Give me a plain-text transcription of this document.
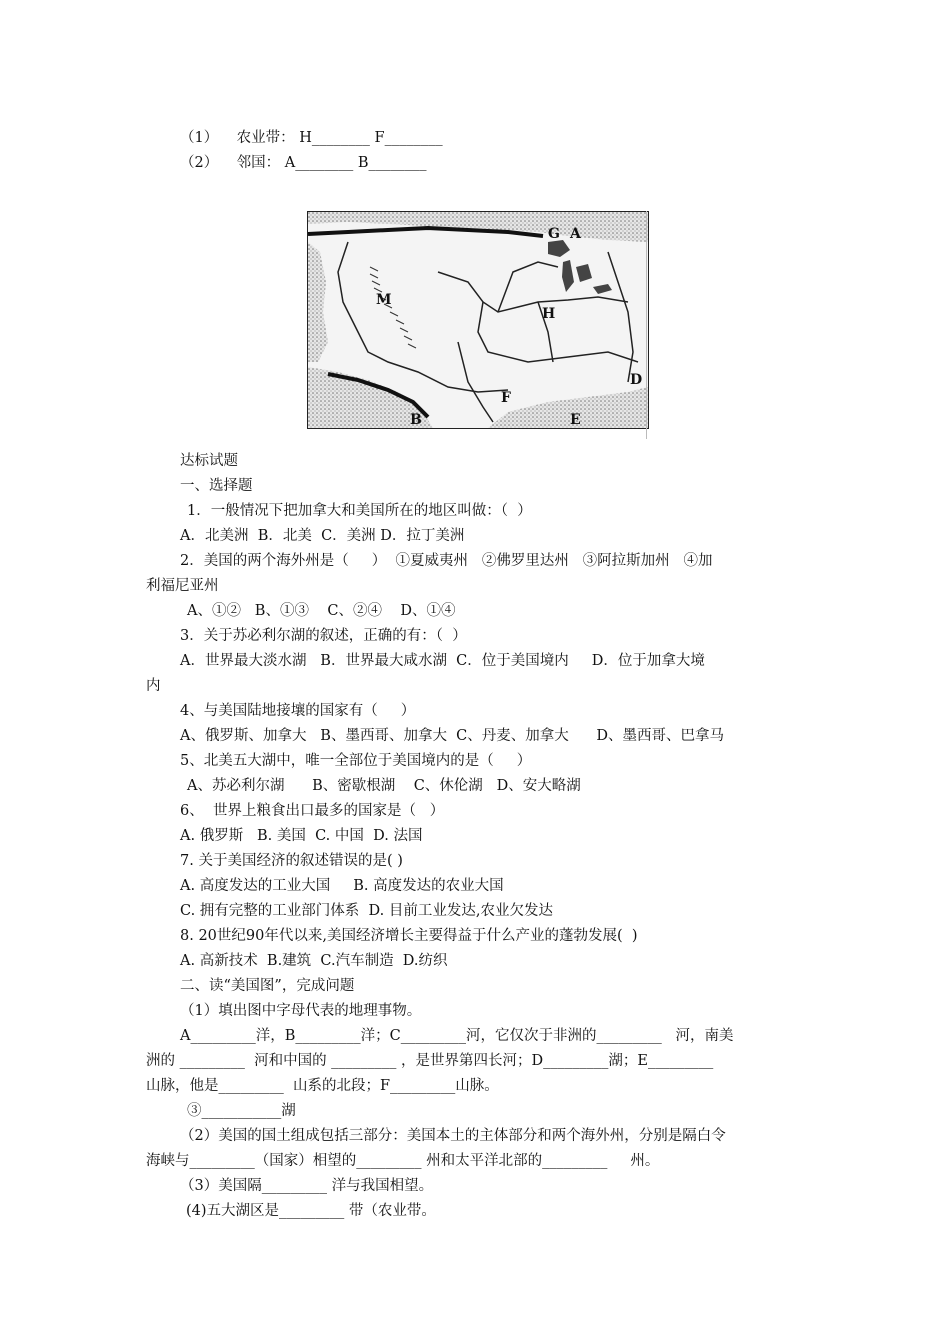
（1）    农业带： H________ F________
（2）    邻国： A________ B________
G A
M
H
D
F
B	E
达标试题
一、选择题
1．一般情况下把加拿大和美国所在的地区叫做：（  ）
A．北美洲  B．北美  C．美洲 D．拉丁美洲
2．美国的两个海外州是（     ）  ①夏威夷州   ②佛罗里达州   ③阿拉斯加州   ④加
利福尼亚州
A、①②   B、①③    C、②④    D、①④
3．关于苏必利尔湖的叙述，正确的有：（  ）
A．世界最大淡水湖   B．世界最大咸水湖  C．位于美国境内     D．位于加拿大境
内
4、与美国陆地接壤的国家有（     ）
A、俄罗斯、加拿大   B、墨西哥、加拿大  C、丹麦、加拿大      D、墨西哥、巴拿马
5、北美五大湖中，唯一全部位于美国境内的是（     ）
A、苏必利尔湖      B、密歇根湖    C、休伦湖   D、安大略湖
6、  世界上粮食出口最多的国家是（   ）
A. 俄罗斯   B. 美国  C. 中国  D. 法国
7. 关于美国经济的叙述错误的是( )
A. 高度发达的工业大国     B. 高度发达的农业大国
C. 拥有完整的工业部门体系  D. 目前工业发达,农业欠发达
8. 20世纪90年代以来,美国经济增长主要得益于什么产业的蓬勃发展(  )
A. 高新技术  B.建筑  C.汽车制造  D.纺织
二、读“美国图”，完成问题
（1）填出图中字母代表的地理事物。
A_________洋，B_________洋；C_________河，它仅次于非洲的_________   河，南美
洲的 _________  河和中国的 _________ ，是世界第四长河；D_________湖；E_________
山脉，他是_________  山系的北段；F_________山脉。
③___________湖
（2）美国的国土组成包括三部分：美国本土的主体部分和两个海外州，分别是隔白令
海峡与_________（国家）相望的_________ 州和太平洋北部的_________     州。
（3）美国隔_________ 洋与我国相望。
(4)五大湖区是_________ 带（农业带。
